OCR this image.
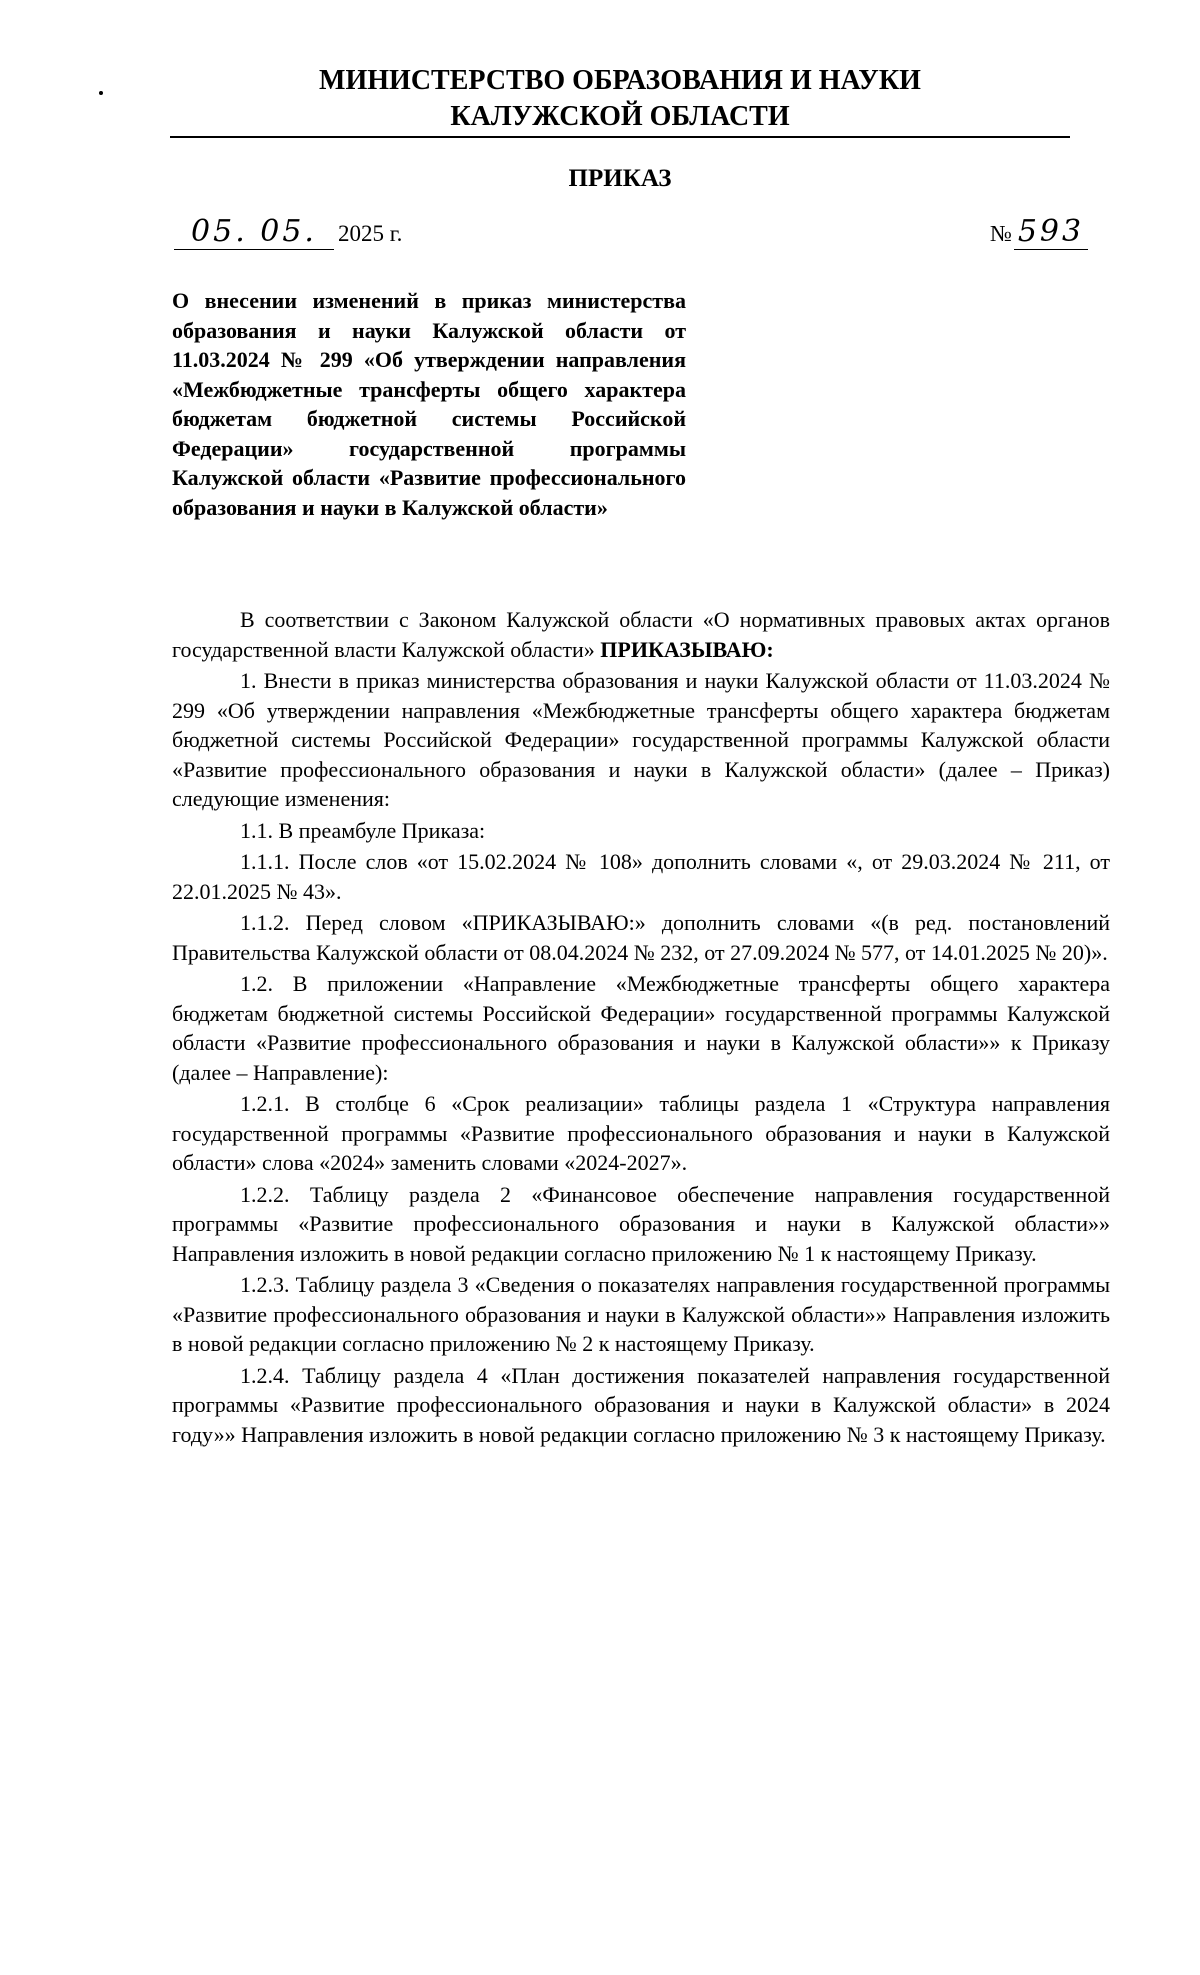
МИНИСТЕРСТВО ОБРАЗОВАНИЯ И НАУКИ
КАЛУЖСКОЙ ОБЛАСТИ
ПРИКАЗ
05. 05. 2025 г.	№ 593
О внесении изменений в приказ министерства образования и науки Калужской области от 11.03.2024 № 299 «Об утверждении направления «Межбюджетные трансферты общего характера бюджетам бюджетной системы Российской Федерации» государственной программы Калужской области «Развитие профессионального образования и науки в Калужской области»

В соответствии с Законом Калужской области «О нормативных правовых актах органов государственной власти Калужской области» ПРИКАЗЫВАЮ:

1. Внести в приказ министерства образования и науки Калужской области от 11.03.2024 № 299 «Об утверждении направления «Межбюджетные трансферты общего характера бюджетам бюджетной системы Российской Федерации» государственной программы Калужской области «Развитие профессионального образования и науки в Калужской области» (далее – Приказ) следующие изменения:

1.1. В преамбуле Приказа:

1.1.1. После слов «от 15.02.2024 № 108» дополнить словами «, от 29.03.2024 № 211, от 22.01.2025 № 43».

1.1.2. Перед словом «ПРИКАЗЫВАЮ:» дополнить словами «(в ред. постановлений Правительства Калужской области от 08.04.2024 № 232, от 27.09.2024 № 577, от 14.01.2025 № 20)».

1.2. В приложении «Направление «Межбюджетные трансферты общего характера бюджетам бюджетной системы Российской Федерации» государственной программы Калужской области «Развитие профессионального образования и науки в Калужской области»» к Приказу (далее – Направление):

1.2.1. В столбце 6 «Срок реализации» таблицы раздела 1 «Структура направления государственной программы «Развитие профессионального образования и науки в Калужской области» слова «2024» заменить словами «2024-2027».

1.2.2. Таблицу раздела 2 «Финансовое обеспечение направления государственной программы «Развитие профессионального образования и науки в Калужской области»» Направления изложить в новой редакции согласно приложению № 1 к настоящему Приказу.

1.2.3. Таблицу раздела 3 «Сведения о показателях направления государственной программы «Развитие профессионального образования и науки в Калужской области»» Направления изложить в новой редакции согласно приложению № 2 к настоящему Приказу.

1.2.4. Таблицу раздела 4 «План достижения показателей направления государственной программы «Развитие профессионального образования и науки в Калужской области» в 2024 году»» Направления изложить в новой редакции согласно приложению № 3 к настоящему Приказу.
